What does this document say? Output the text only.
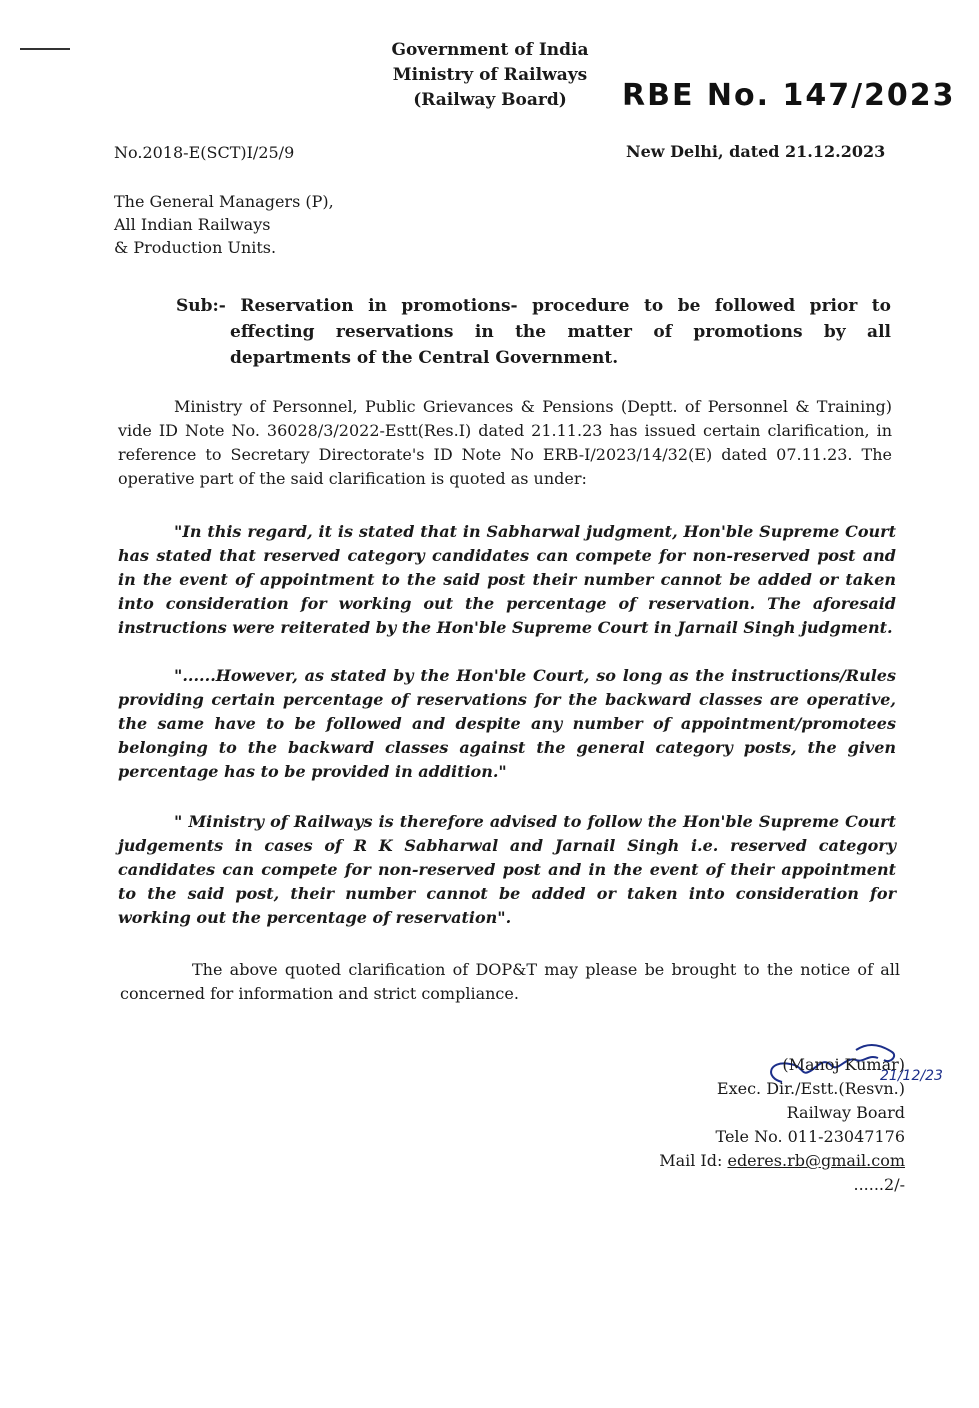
Government of India
Ministry of Railways
(Railway Board)	RBE No. 147/2023
No.2018-E(SCT)I/25/9	New Delhi, dated 21.12.2023
The General Managers (P),
All Indian Railways
& Production Units.
Sub:- Reservation in promotions- procedure to be followed prior to effecting reservations in the matter of promotions by all departments of the Central Government.
Ministry of Personnel, Public Grievances & Pensions (Deptt. of Personnel & Training) vide ID Note No. 36028/3/2022-Estt(Res.I) dated 21.11.23 has issued certain clarification, in reference to Secretary Directorate's ID Note No ERB-I/2023/14/32(E) dated 07.11.23. The operative part of the said clarification is quoted as under:
"In this regard, it is stated that in Sabharwal judgment, Hon'ble Supreme Court has stated that reserved category candidates can compete for non-reserved post and in the event of appointment to the said post their number cannot be added or taken into consideration for working out the percentage of reservation. The aforesaid instructions were reiterated by the Hon'ble Supreme Court in Jarnail Singh judgment.
"......However, as stated by the Hon'ble Court, so long as the instructions/Rules providing certain percentage of reservations for the backward classes are operative, the same have to be followed and despite any number of appointment/promotees belonging to the backward classes against the general category posts, the given percentage has to be provided in addition."
" Ministry of Railways is therefore advised to follow the Hon'ble Supreme Court judgements in cases of R K Sabharwal and Jarnail Singh i.e. reserved category candidates can compete for non-reserved post and in the event of their appointment to the said post, their number cannot be added or taken into consideration for working out the percentage of reservation".
The above quoted clarification of DOP&T may please be brought to the notice of all concerned for information and strict compliance.
21/12/23
(Manoj Kumar)
Exec. Dir./Estt.(Resvn.)
Railway Board
Tele No. 011-23047176
Mail Id: ederes.rb@gmail.com
......2/-
